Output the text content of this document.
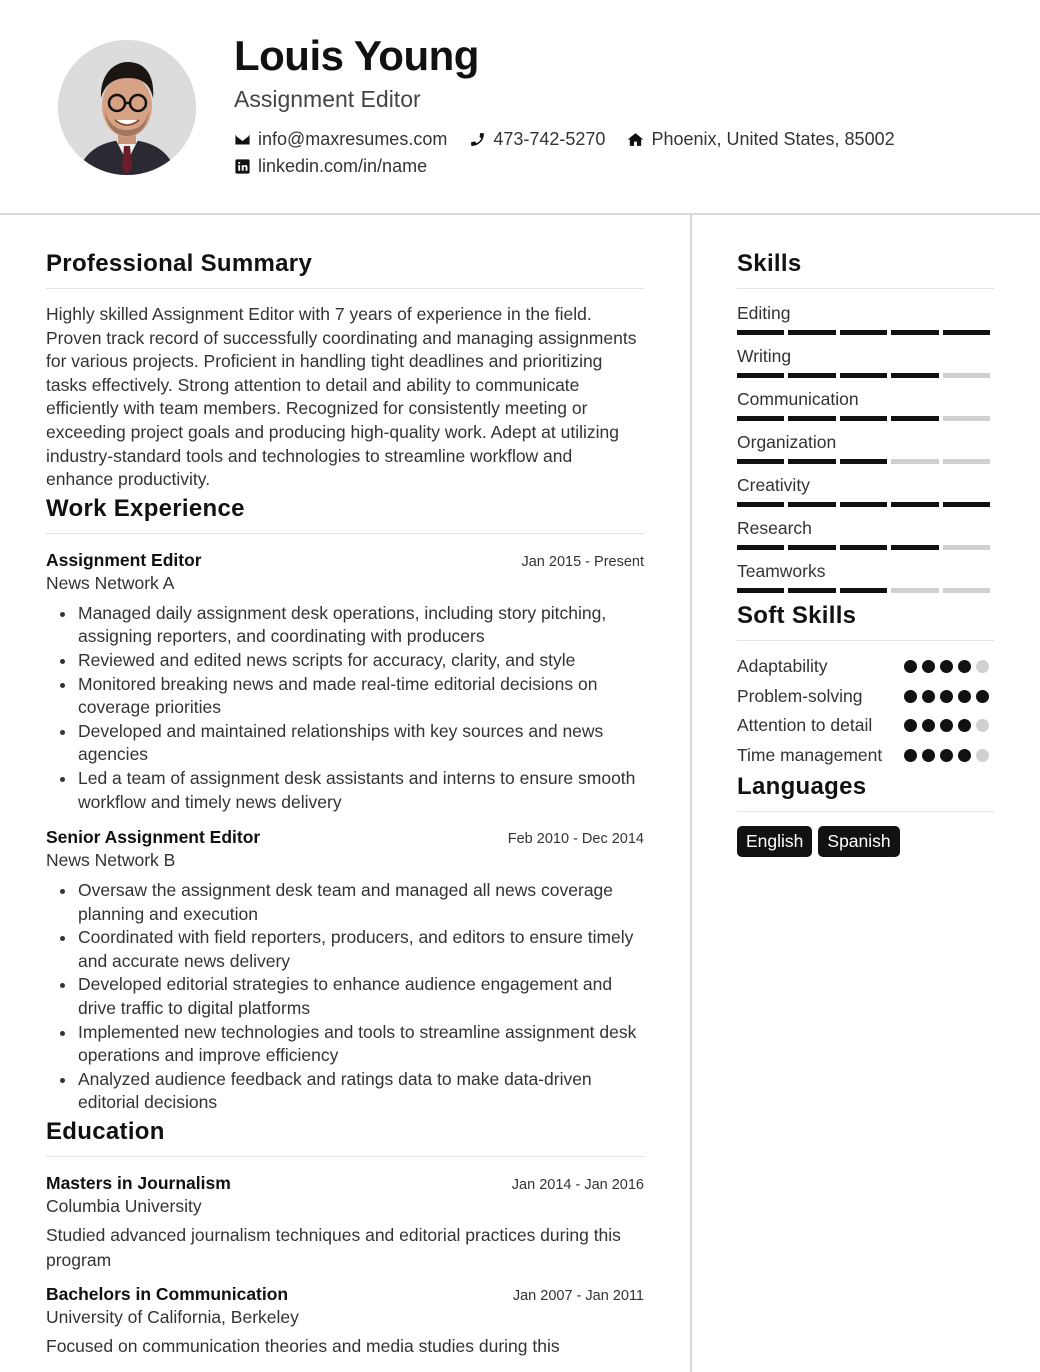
Louis Young
Assignment Editor
info@maxresumes.com	473-742-5270	Phoenix, United States, 85002
linkedin.com/in/name
Professional Summary

Highly skilled Assignment Editor with 7 years of experience in the field. Proven track record of successfully coordinating and managing assignments for various projects. Proficient in handling tight deadlines and prioritizing tasks effectively. Strong attention to detail and ability to communicate efficiently with team members. Recognized for consistently meeting or exceeding project goals and producing high-quality work. Adept at utilizing industry-standard tools and technologies to streamline workflow and enhance productivity.

Work Experience
Assignment Editor	Jan 2015 - Present
News Network A
Managed daily assignment desk operations, including story pitching, assigning reporters, and coordinating with producers
Reviewed and edited news scripts for accuracy, clarity, and style
Monitored breaking news and made real-time editorial decisions on coverage priorities
Developed and maintained relationships with key sources and news agencies
Led a team of assignment desk assistants and interns to ensure smooth workflow and timely news delivery
Senior Assignment Editor	Feb 2010 - Dec 2014
News Network B
Oversaw the assignment desk team and managed all news coverage planning and execution
Coordinated with field reporters, producers, and editors to ensure timely and accurate news delivery
Developed editorial strategies to enhance audience engagement and drive traffic to digital platforms
Implemented new technologies and tools to streamline assignment desk operations and improve efficiency
Analyzed audience feedback and ratings data to make data-driven editorial decisions
Education
Masters in Journalism	Jan 2014 - Jan 2016
Columbia University

Studied advanced journalism techniques and editorial practices during this program

Bachelors in Communication	Jan 2007 - Jan 2011
University of California, Berkeley

Focused on communication theories and media studies during this

Skills
Editing
Writing
Communication
Organization
Creativity
Research
Teamworks
Soft Skills
Adaptability
Problem-solving
Attention to detail
Time management
Languages
English	Spanish
